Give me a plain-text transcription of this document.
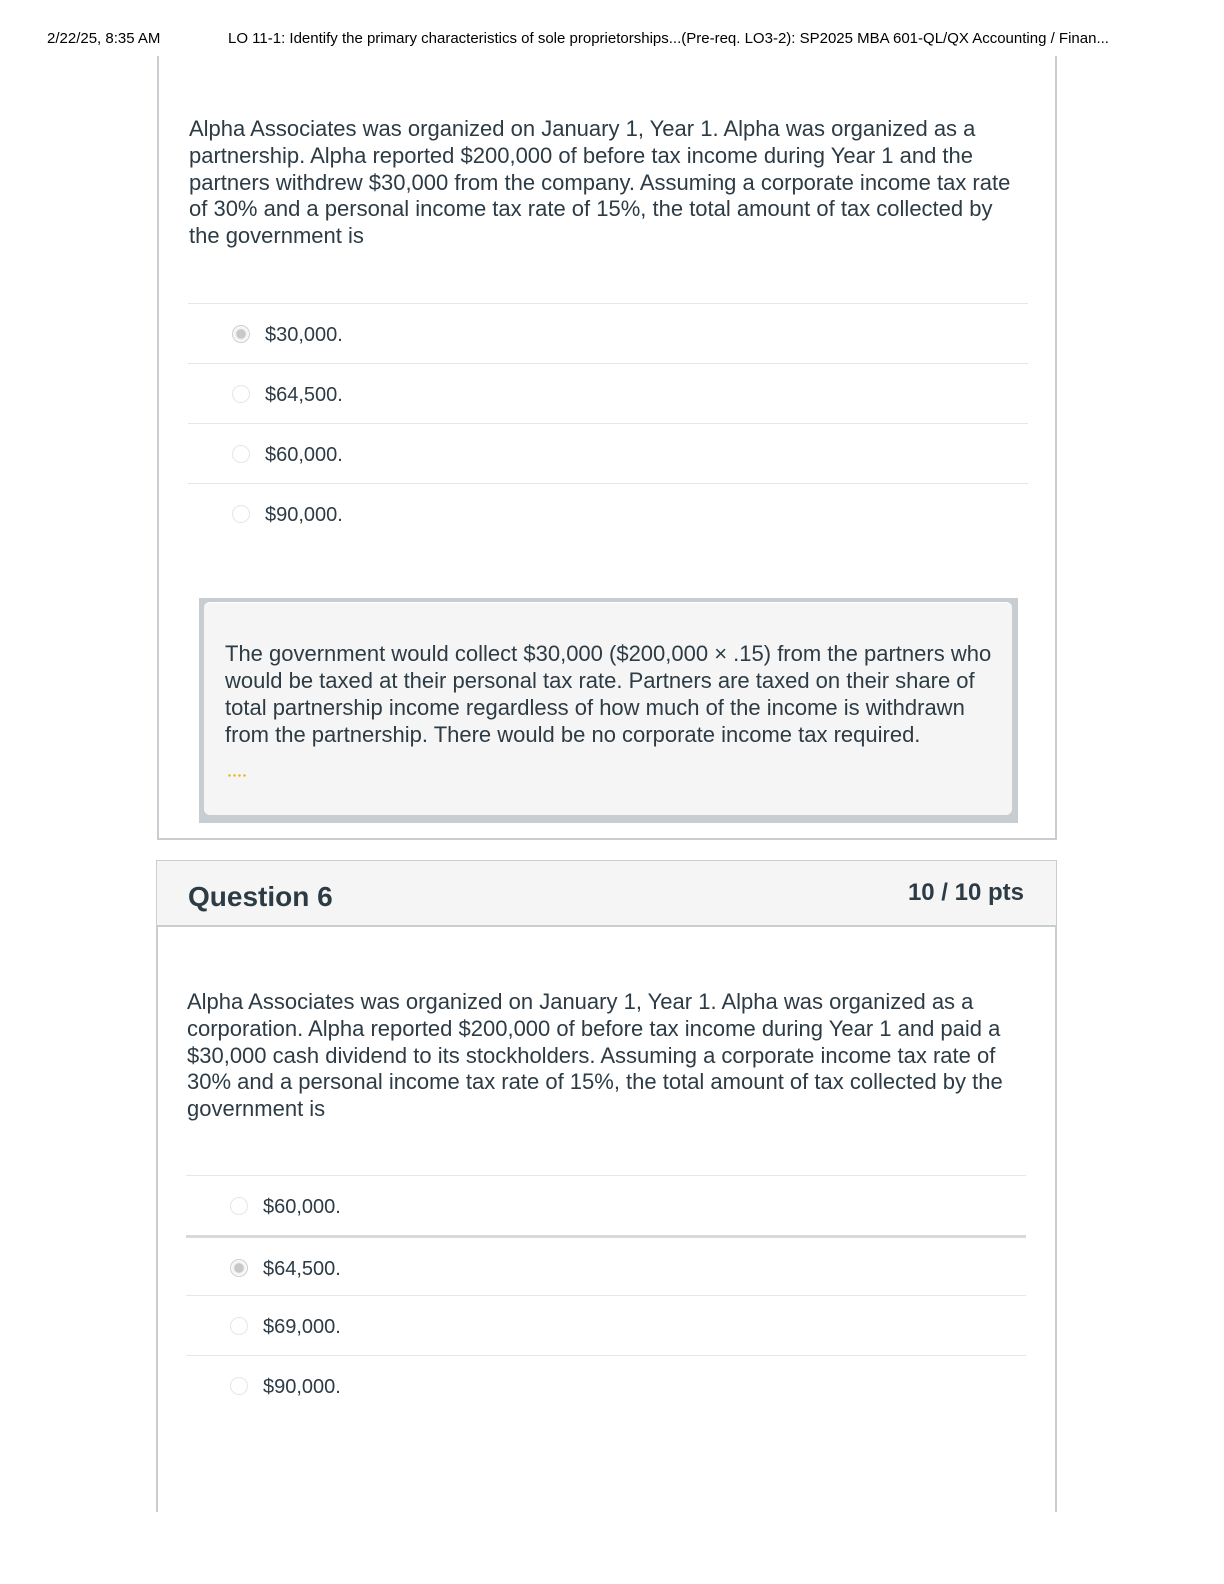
2/22/25, 8:35 AM	LO 11-1: Identify the primary characteristics of sole proprietorships...(Pre-req. LO3-2): SP2025 MBA 601-QL/QX Accounting / Finan...
Alpha Associates was organized on January 1, Year 1. Alpha was organized as a partnership. Alpha reported $200,000 of before tax income during Year 1 and the partners withdrew $30,000 from the company. Assuming a corporate income tax rate of 30% and a personal income tax rate of 15%, the total amount of tax collected by the government is
$30,000.
$64,500.
$60,000.
$90,000.
The government would collect $30,000 ($200,000 × .15) from the partners who would be taxed at their personal tax rate. Partners are taxed on their share of total partnership income regardless of how much of the income is withdrawn from the partnership. There would be no corporate income tax required.
Question 6	10 / 10 pts
Alpha Associates was organized on January 1, Year 1. Alpha was organized as a corporation. Alpha reported $200,000 of before tax income during Year 1 and paid a $30,000 cash dividend to its stockholders. Assuming a corporate income tax rate of 30% and a personal income tax rate of 15%, the total amount of tax collected by the government is
$60,000.
$64,500.
$69,000.
$90,000.
